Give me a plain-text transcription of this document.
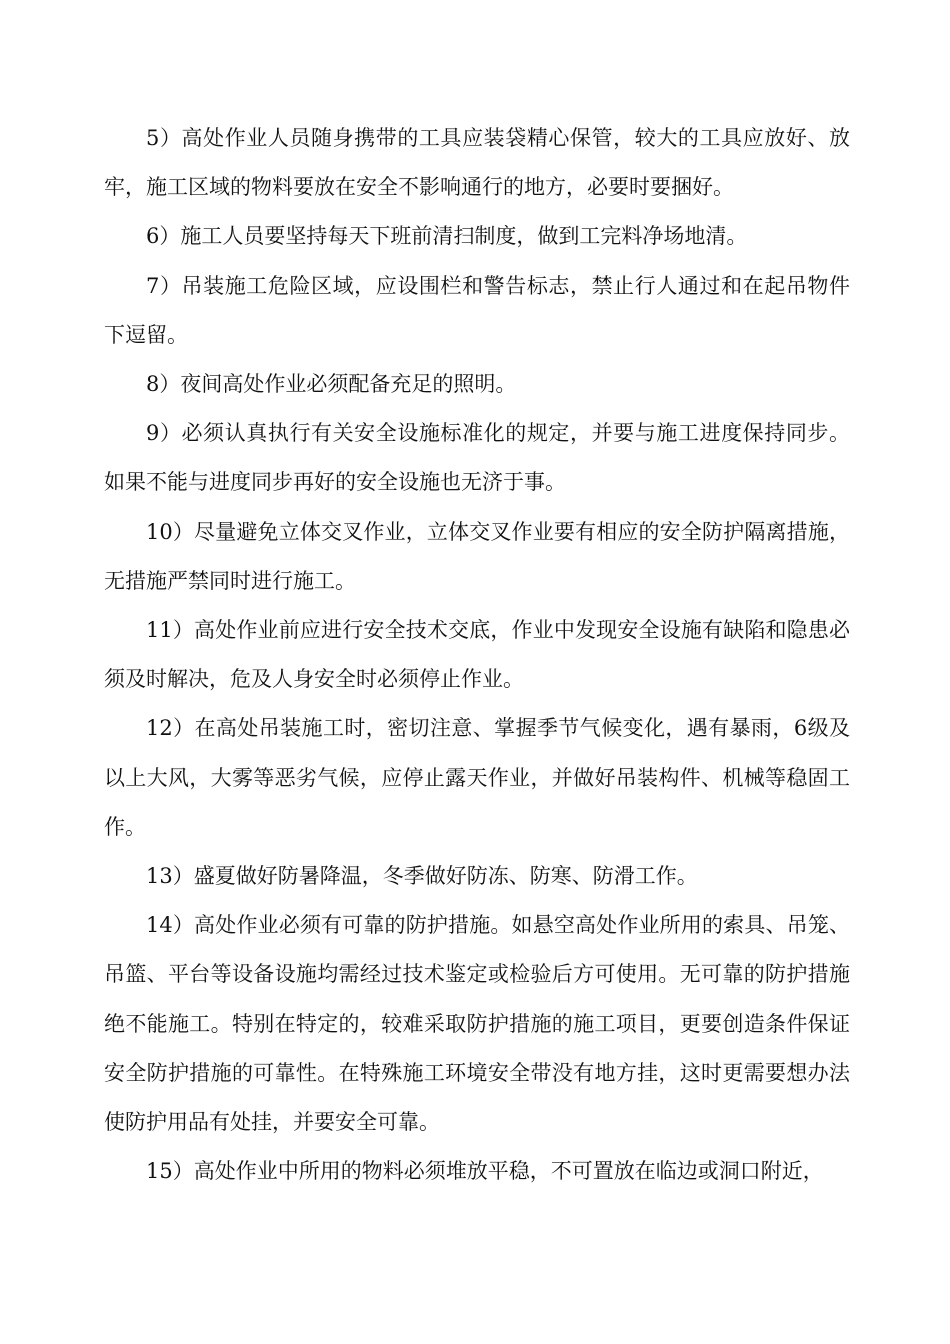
5）高处作业人员随身携带的工具应装袋精心保管，较大的工具应放好、放牢，施工区域的物料要放在安全不影响通行的地方，必要时要捆好。

6）施工人员要坚持每天下班前清扫制度，做到工完料净场地清。

7）吊装施工危险区域，应设围栏和警告标志，禁止行人通过和在起吊物件下逗留。

8）夜间高处作业必须配备充足的照明。

9）必须认真执行有关安全设施标准化的规定，并要与施工进度保持同步。如果不能与进度同步再好的安全设施也无济于事。

10）尽量避免立体交叉作业，立体交叉作业要有相应的安全防护隔离措施，无措施严禁同时进行施工。

11）高处作业前应进行安全技术交底，作业中发现安全设施有缺陷和隐患必须及时解决，危及人身安全时必须停止作业。

12）在高处吊装施工时，密切注意、掌握季节气候变化，遇有暴雨，6级及以上大风，大雾等恶劣气候，应停止露天作业，并做好吊装构件、机械等稳固工作。

13）盛夏做好防暑降温，冬季做好防冻、防寒、防滑工作。

14）高处作业必须有可靠的防护措施。如悬空高处作业所用的索具、吊笼、吊篮、平台等设备设施均需经过技术鉴定或检验后方可使用。无可靠的防护措施绝不能施工。特别在特定的，较难采取防护措施的施工项目，更要创造条件保证安全防护措施的可靠性。在特殊施工环境安全带没有地方挂，这时更需要想办法使防护用品有处挂，并要安全可靠。

15）高处作业中所用的物料必须堆放平稳，不可置放在临边或洞口附近，
